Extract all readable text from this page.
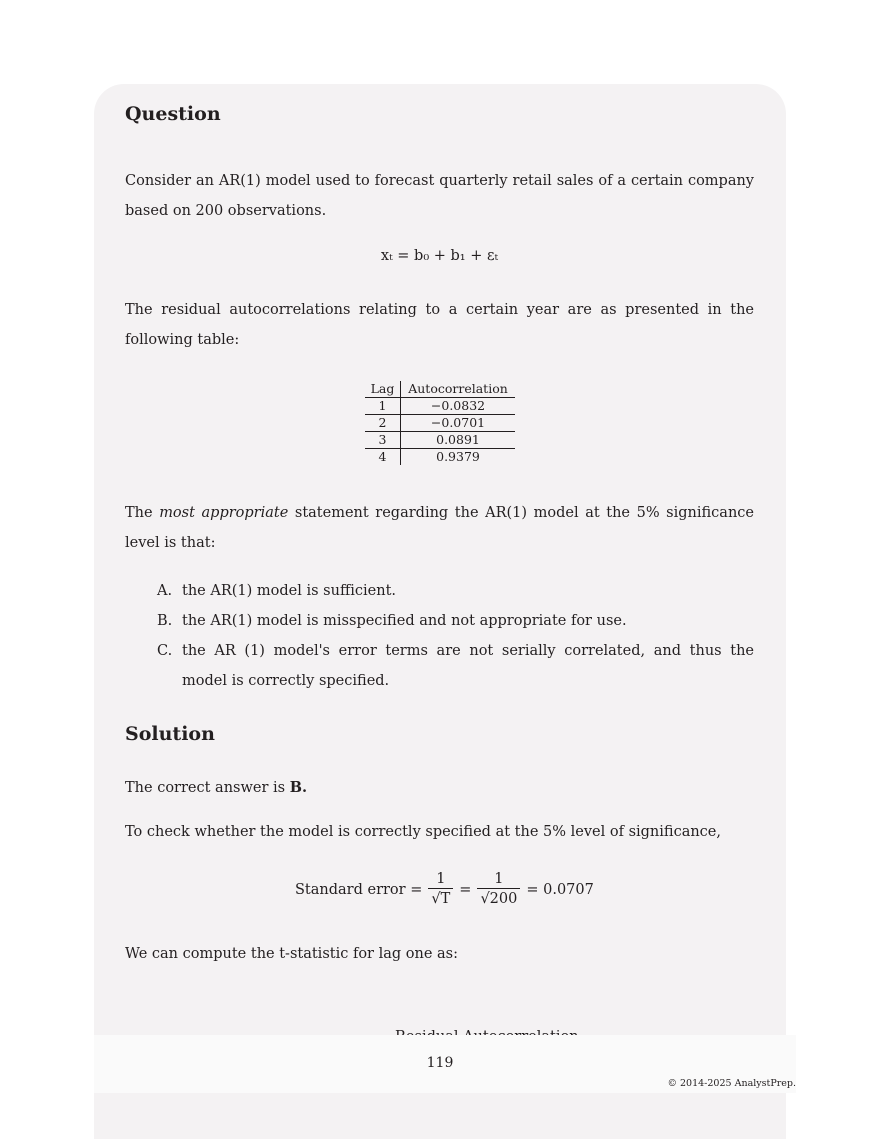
Question

Consider an AR(1) model used to forecast quarterly retail sales of a certain company based on 200 observations.

xₜ = b₀ + b₁ + εₜ

The residual autocorrelations relating to a certain year are as presented in the following table:

Lag	Autocorrelation
1	−0.0832
2	−0.0701
3	0.0891
4	0.9379

The most appropriate statement regarding the AR(1) model at the 5% significance level is that:

A. the AR(1) model is sufficient.
B. the AR(1) model is misspecified and not appropriate for use.
C. the AR (1) model's error terms are not serially correlated, and thus the model is correctly specified.
Solution

The correct answer is B.

To check whether the model is correctly specified at the 5% level of significance,

Standard error = $\frac{1}{√T} = \frac{1}{√200} = 0.0707$

We can compute the t-statistic for lag one as:

119
© 2014-2025 AnalystPrep.
